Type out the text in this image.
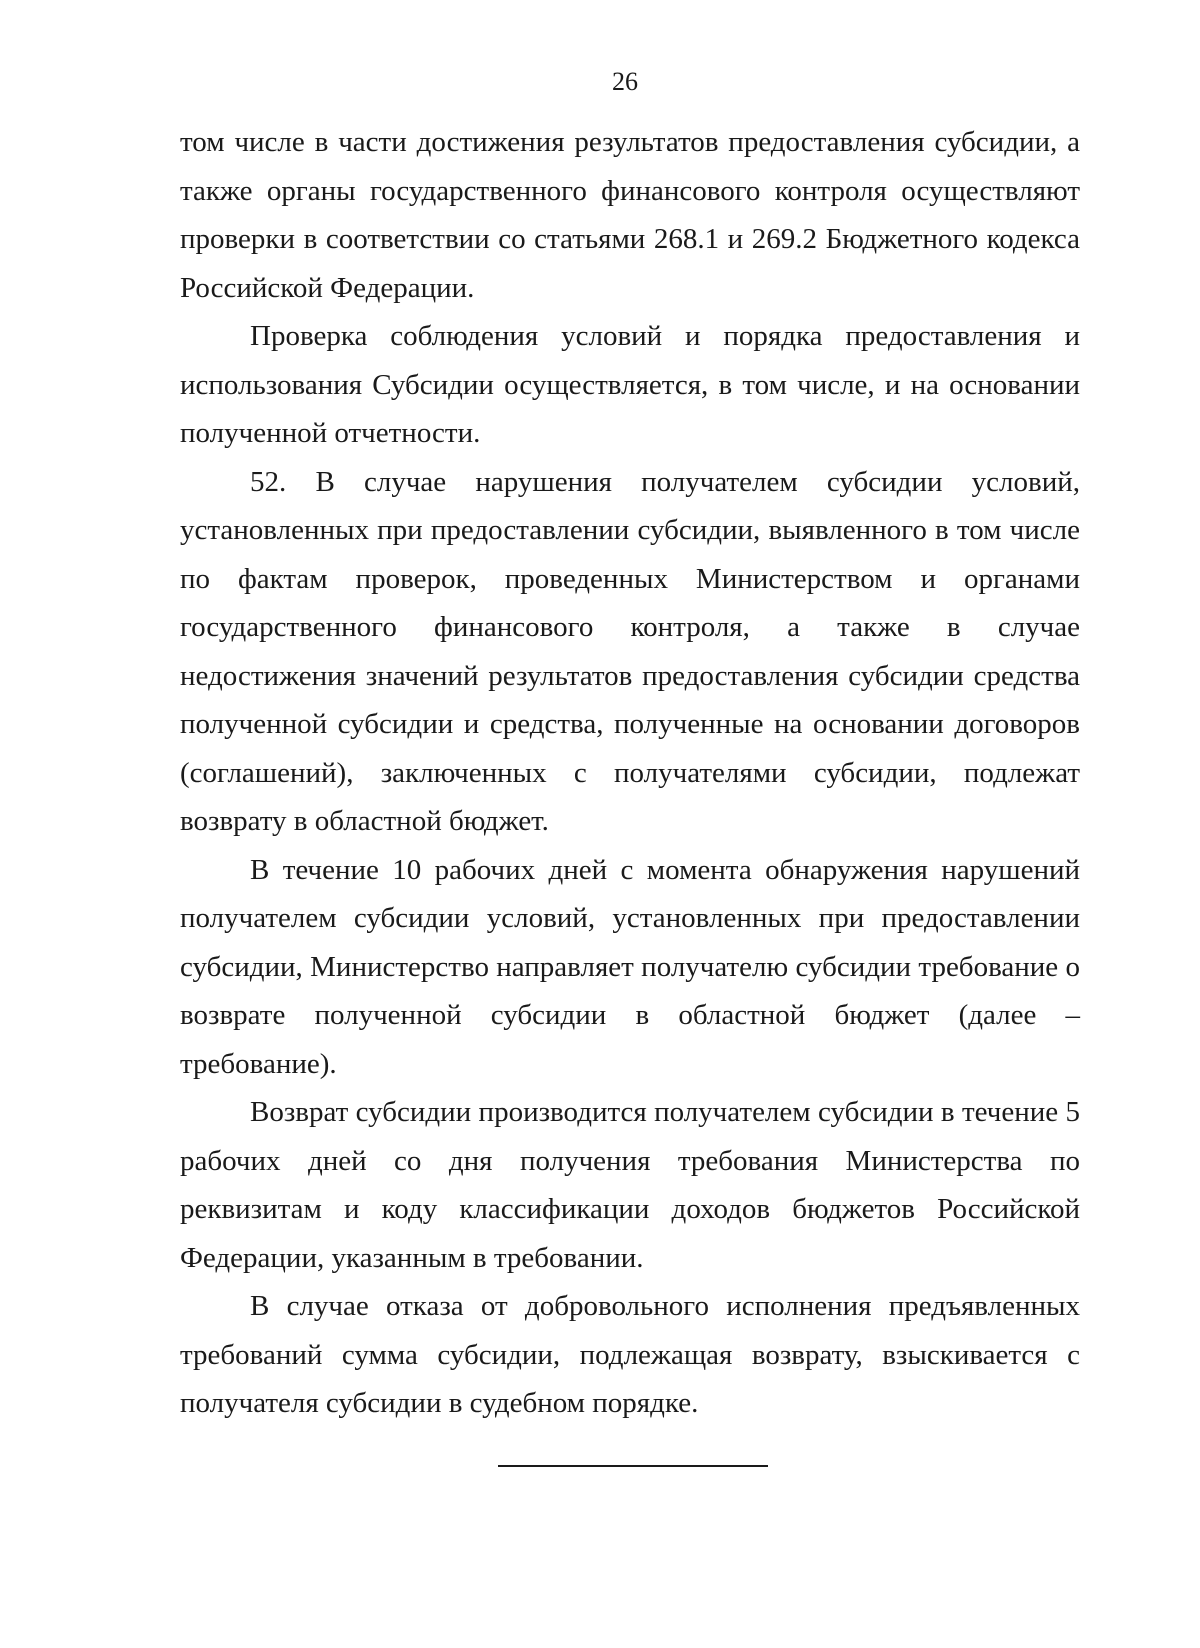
26

том числе в части достижения результатов предоставления субсидии, а также органы государственного финансового контроля осуществляют проверки в соответствии со статьями 268.1 и 269.2 Бюджетного кодекса Российской Федерации.

Проверка соблюдения условий и порядка предоставления и использования Субсидии осуществляется, в том числе, и на основании полученной отчетности.

52. В случае нарушения получателем субсидии условий, установленных при предоставлении субсидии, выявленного в том числе по фактам проверок, проведенных Министерством и органами государственного финансового контроля, а также в случае недостижения значений результатов предоставления субсидии средства полученной субсидии и средства, полученные на основании договоров (соглашений), заключенных с получателями субсидии, подлежат возврату в областной бюджет.

В течение 10 рабочих дней с момента обнаружения нарушений получателем субсидии условий, установленных при предоставлении субсидии, Министерство направляет получателю субсидии требование о возврате полученной субсидии в областной бюджет (далее – требование).

Возврат субсидии производится получателем субсидии в течение 5 рабочих дней со дня получения требования Министерства по реквизитам и коду классификации доходов бюджетов Российской Федерации, указанным в требовании.

В случае отказа от добровольного исполнения предъявленных требований сумма субсидии, подлежащая возврату, взыскивается с получателя субсидии в судебном порядке.
